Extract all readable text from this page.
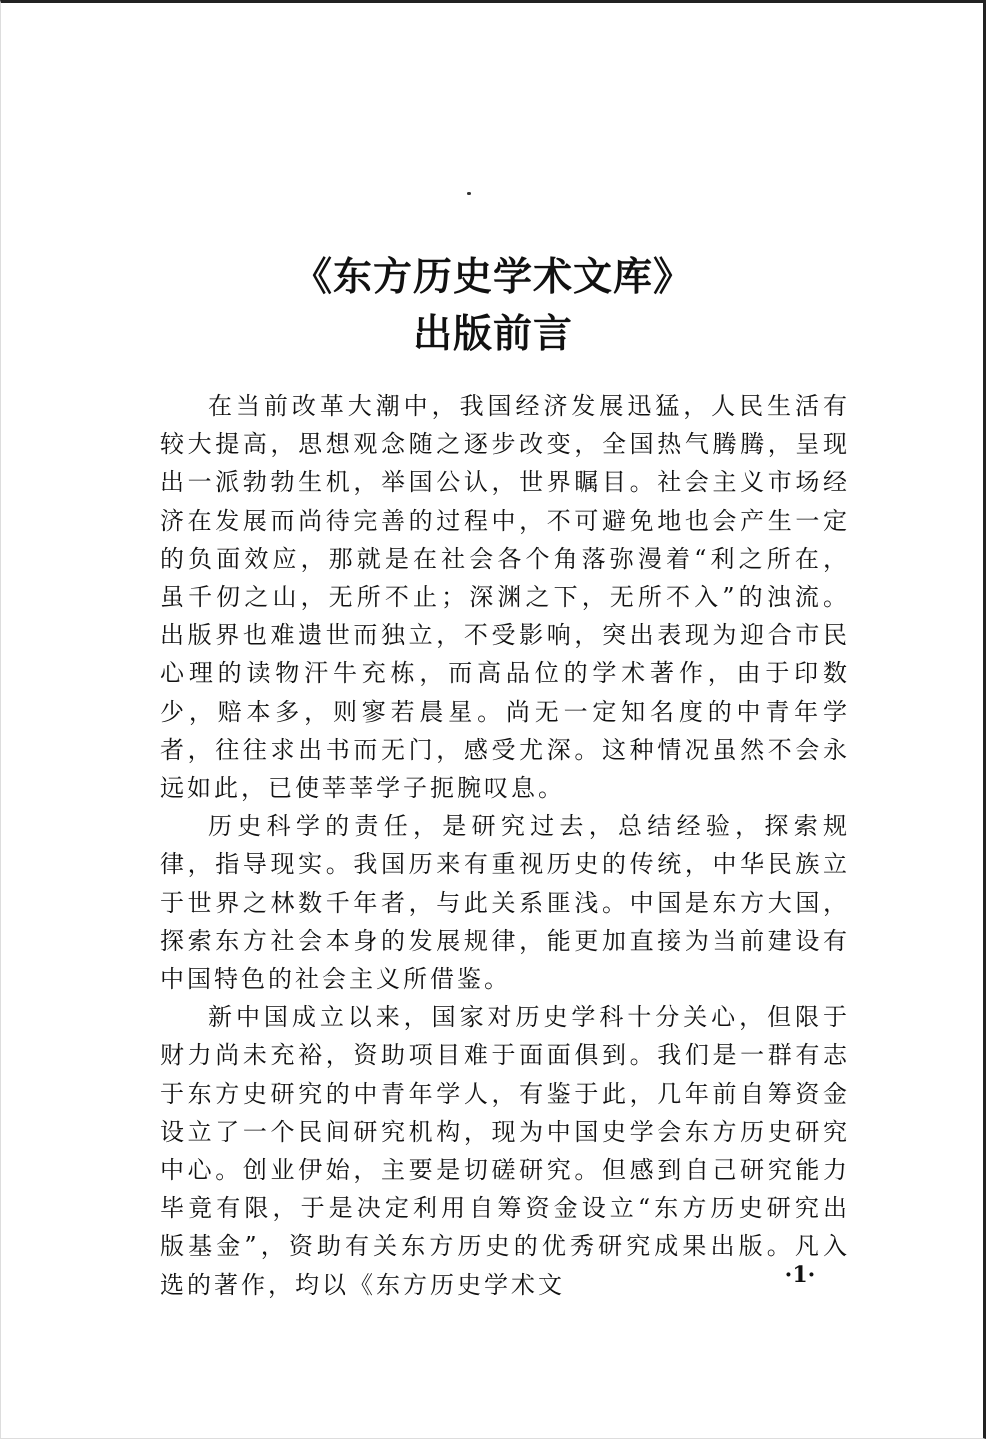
《东方历史学术文库》
出版前言

在当前改革大潮中，我国经济发展迅猛，人民生活有较大提高，思想观念随之逐步改变，全国热气腾腾，呈现出一派勃勃生机，举国公认，世界瞩目。社会主义市场经济在发展而尚待完善的过程中，不可避免地也会产生一定的负面效应，那就是在社会各个角落弥漫着“利之所在，虽千仞之山，无所不止；深渊之下，无所不入”的浊流。出版界也难遗世而独立，不受影响，突出表现为迎合市民心理的读物汗牛充栋，而高品位的学术著作，由于印数少，赔本多，则寥若晨星。尚无一定知名度的中青年学者，往往求出书而无门，感受尤深。这种情况虽然不会永远如此，已使莘莘学子扼腕叹息。

历史科学的责任，是研究过去，总结经验，探索规律，指导现实。我国历来有重视历史的传统，中华民族立于世界之林数千年者，与此关系匪浅。中国是东方大国，探索东方社会本身的发展规律，能更加直接为当前建设有中国特色的社会主义所借鉴。

新中国成立以来，国家对历史学科十分关心，但限于财力尚未充裕，资助项目难于面面俱到。我们是一群有志于东方史研究的中青年学人，有鉴于此，几年前自筹资金设立了一个民间研究机构，现为中国史学会东方历史研究中心。创业伊始，主要是切磋研究。但感到自己研究能力毕竟有限，于是决定利用自筹资金设立“东方历史研究出版基金”，资助有关东方历史的优秀研究成果出版。凡入选的著作，均以《东方历史学术文	·1·
